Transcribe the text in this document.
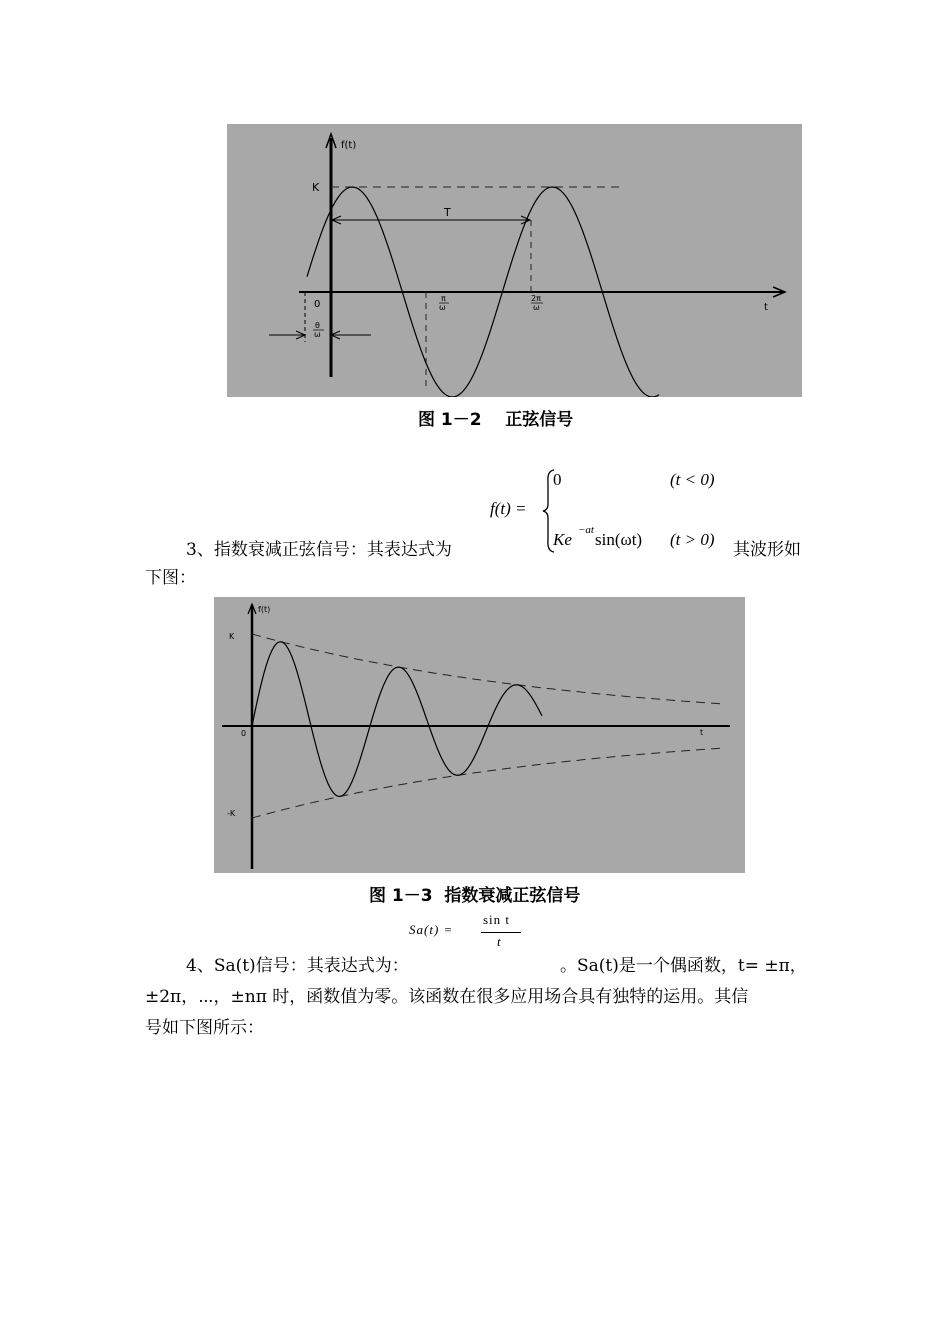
f(t)
K
T
0
π
ω
2π
ω
θ
ω
t
图 1－2    正弦信号
f(t) =
0	(t < 0)
Ke −at sin(ωt) (t > 0)
3、指数衰减正弦信号：其表达式为	其波形如
下图：
f(t)
K
-K
0	t
图 1－3  指数衰减正弦信号
Sa(t) =
sin t
t
4、Sa(t)信号：其表达式为：	。Sa(t)是一个偶函数，t= ±π，
±2π，⋯，±nπ 时，函数值为零。该函数在很多应用场合具有独特的运用。其信
号如下图所示：
